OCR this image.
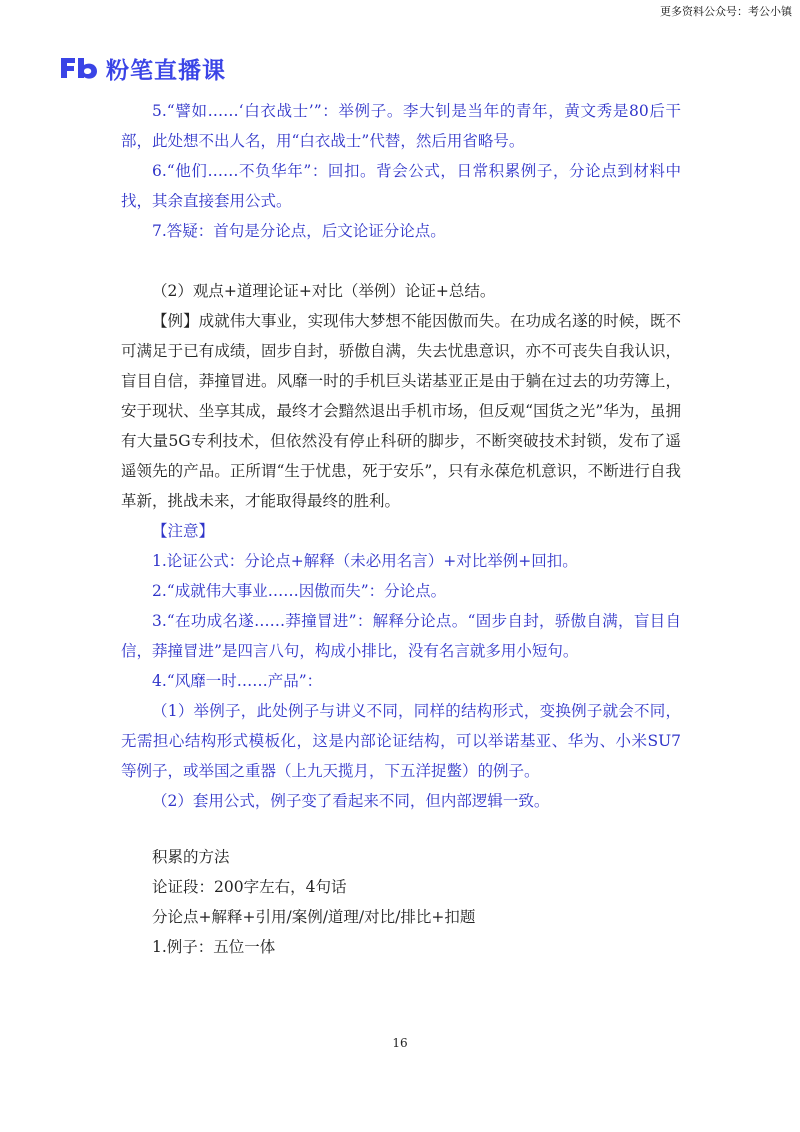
更多资料公众号：考公小镇
粉笔直播课

5.“譬如……‘白衣战士’”：举例子。李大钊是当年的青年，黄文秀是80后干部，此处想不出人名，用“白衣战士”代替，然后用省略号。

6.“他们……不负华年”：回扣。背会公式，日常积累例子，分论点到材料中找，其余直接套用公式。

7.答疑：首句是分论点，后文论证分论点。

（2）观点+道理论证+对比（举例）论证+总结。

【例】成就伟大事业，实现伟大梦想不能因傲而失。在功成名遂的时候，既不可满足于已有成绩，固步自封，骄傲自满，失去忧患意识，亦不可丧失自我认识，盲目自信，莽撞冒进。风靡一时的手机巨头诺基亚正是由于躺在过去的功劳簿上，安于现状、坐享其成，最终才会黯然退出手机市场，但反观“国货之光”华为，虽拥有大量5G专利技术，但依然没有停止科研的脚步，不断突破技术封锁，发布了遥遥领先的产品。正所谓“生于忧患，死于安乐”，只有永葆危机意识，不断进行自我革新，挑战未来，才能取得最终的胜利。

【注意】

1.论证公式：分论点+解释（未必用名言）+对比举例+回扣。

2.“成就伟大事业……因傲而失”：分论点。

3.“在功成名遂……莽撞冒进”：解释分论点。“固步自封，骄傲自满，盲目自信，莽撞冒进”是四言八句，构成小排比，没有名言就多用小短句。

4.“风靡一时……产品”：

（1）举例子，此处例子与讲义不同，同样的结构形式，变换例子就会不同，无需担心结构形式模板化，这是内部论证结构，可以举诺基亚、华为、小米SU7等例子，或举国之重器（上九天揽月，下五洋捉鳖）的例子。

（2）套用公式，例子变了看起来不同，但内部逻辑一致。

积累的方法

论证段：200字左右，4句话

分论点+解释+引用/案例/道理/对比/排比+扣题

1.例子：五位一体

16
